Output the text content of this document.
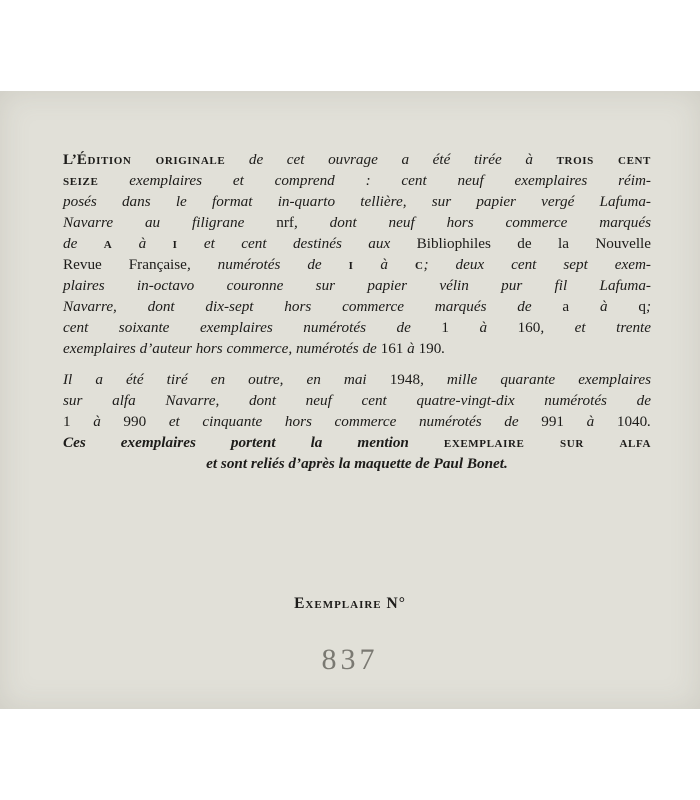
L’Édition originale de cet ouvrage a été tirée à trois cent
seize exemplaires et comprend : cent neuf exemplaires réim-
posés dans le format in-quarto tellière, sur papier vergé Lafuma-
Navarre au filigrane nrf, dont neuf hors commerce marqués
de a à i et cent destinés aux Bibliophiles de la Nouvelle
Revue Française, numérotés de i à c; deux cent sept exem-
plaires in-octavo couronne sur papier vélin pur fil Lafuma-
Navarre, dont dix-sept hors commerce marqués de a à q;
cent soixante exemplaires numérotés de 1 à 160, et trente
exemplaires d’auteur hors commerce, numérotés de 161 à 190.

Il a été tiré en outre, en mai 1948, mille quarante exemplaires
sur alfa Navarre, dont neuf cent quatre-vingt-dix numérotés de
1 à 990 et cinquante hors commerce numérotés de 991 à 1040.
Ces exemplaires portent la mention exemplaire sur alfa
et sont reliés d’après la maquette de Paul Bonet.

Exemplaire N°
837
